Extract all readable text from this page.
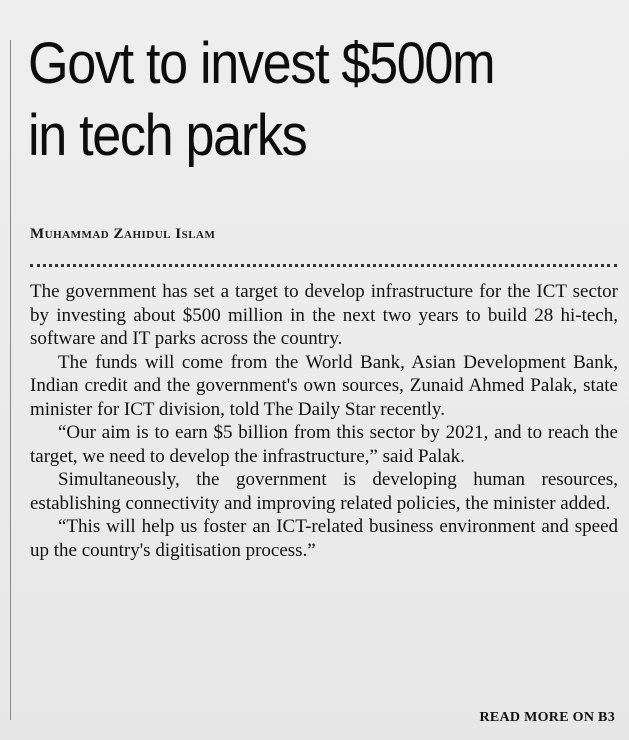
Govt to invest $500m
in tech parks
Muhammad Zahidul Islam

The government has set a target to develop infrastructure for the ICT sector by investing about $500 million in the next two years to build 28 hi-tech, software and IT parks across the country.

The funds will come from the World Bank, Asian Development Bank, Indian credit and the government's own sources, Zunaid Ahmed Palak, state minister for ICT division, told The Daily Star recently.

“Our aim is to earn $5 billion from this sector by 2021, and to reach the target, we need to develop the infrastructure,” said Palak.

Simultaneously, the government is developing human resources, establishing connectivity and improving related policies, the minister added.

“This will help us foster an ICT-related business environment and speed up the country's digitisation process.”

READ MORE ON B3
